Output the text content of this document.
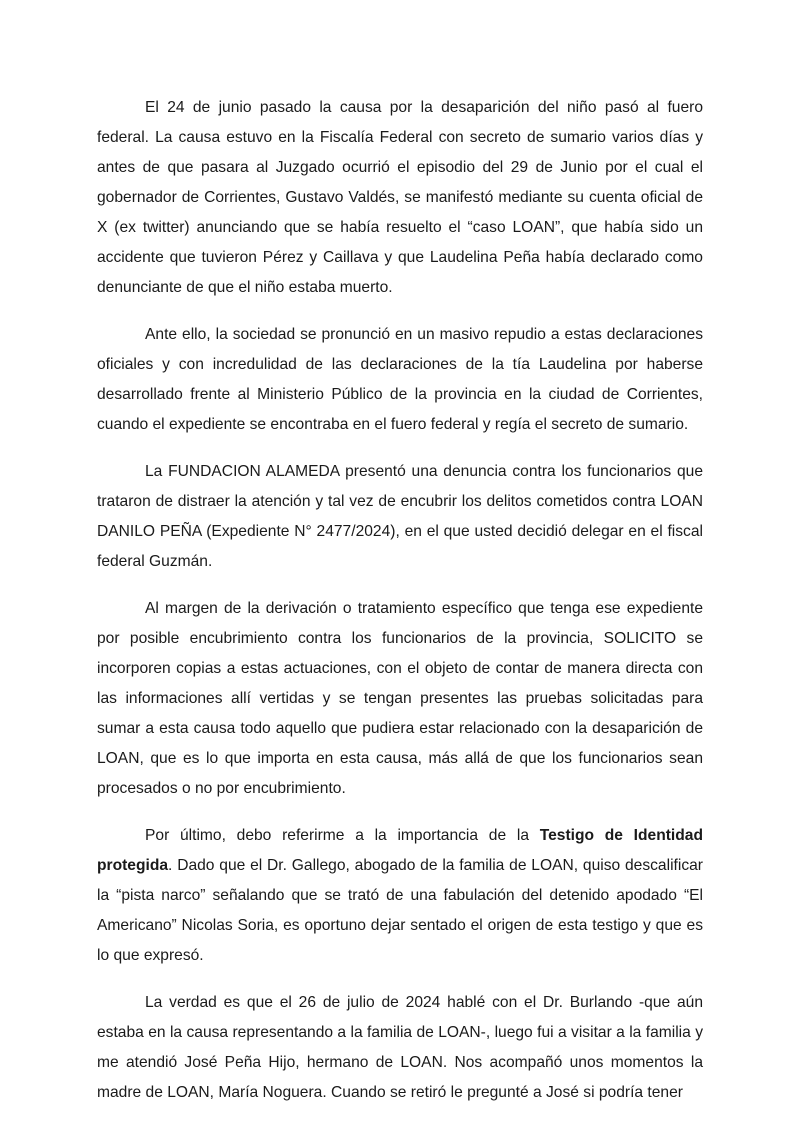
El 24 de junio pasado la causa por la desaparición del niño pasó al fuero federal. La causa estuvo en la Fiscalía Federal con secreto de sumario varios días y antes de que pasara al Juzgado ocurrió el episodio del 29 de Junio por el cual el gobernador de Corrientes, Gustavo Valdés, se manifestó mediante su cuenta oficial de X (ex twitter) anunciando que se había resuelto el “caso LOAN”, que había sido un accidente que tuvieron Pérez y Caillava y que Laudelina Peña había declarado como denunciante de que el niño estaba muerto.

Ante ello, la sociedad se pronunció en un masivo repudio a estas declaraciones oficiales y con incredulidad de las declaraciones de la tía Laudelina por haberse desarrollado frente al Ministerio Público de la provincia en la ciudad de Corrientes, cuando el expediente se encontraba en el fuero federal y regía el secreto de sumario.

La FUNDACION ALAMEDA presentó una denuncia contra los funcionarios que trataron de distraer la atención y tal vez de encubrir los delitos cometidos contra LOAN DANILO PEÑA (Expediente N° 2477/2024), en el que usted decidió delegar en el fiscal federal Guzmán.

Al margen de la derivación o tratamiento específico que tenga ese expediente por posible encubrimiento contra los funcionarios de la provincia, SOLICITO se incorporen copias a estas actuaciones, con el objeto de contar de manera directa con las informaciones allí vertidas y se tengan presentes las pruebas solicitadas para sumar a esta causa todo aquello que pudiera estar relacionado con la desaparición de LOAN, que es lo que importa en esta causa, más allá de que los funcionarios sean procesados o no por encubrimiento.

Por último, debo referirme a la importancia de la Testigo de Identidad protegida. Dado que el Dr. Gallego, abogado de la familia de LOAN, quiso descalificar la “pista narco” señalando que se trató de una fabulación del detenido apodado “El Americano” Nicolas Soria, es oportuno dejar sentado el origen de esta testigo y que es lo que expresó.

La verdad es que el 26 de julio de 2024 hablé con el Dr. Burlando -que aún estaba en la causa representando a la familia de LOAN-, luego fui a visitar a la familia y me atendió José Peña Hijo, hermano de LOAN. Nos acompañó unos momentos la madre de LOAN, María Noguera. Cuando se retiró le pregunté a José si podría tener
